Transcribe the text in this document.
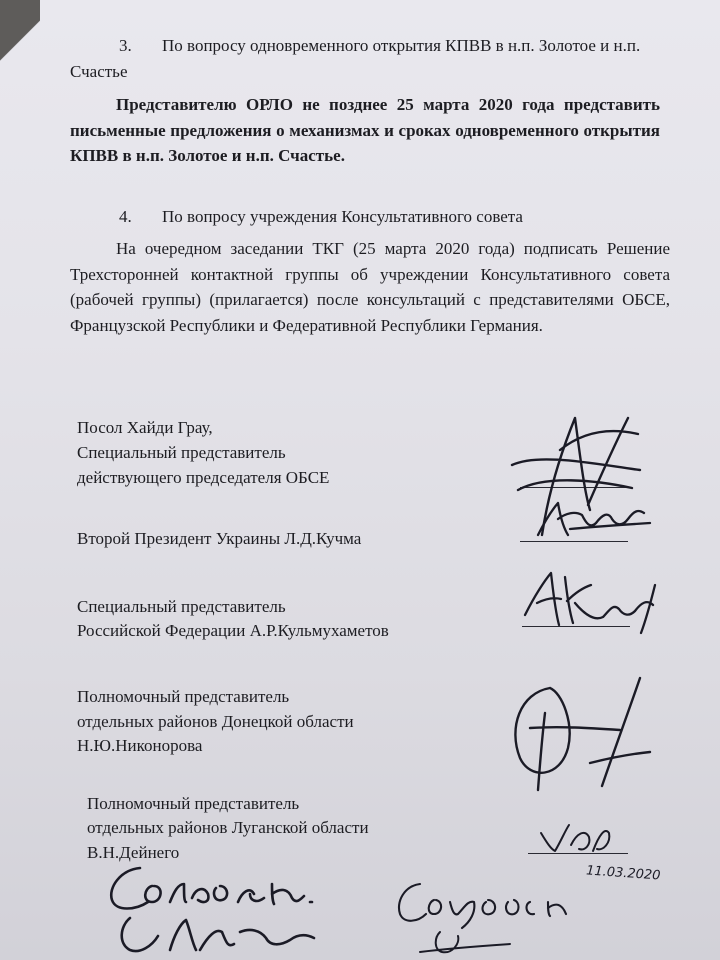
3. По вопросу одновременного открытия КПВВ в н.п. Золотое и н.п.
Счастье
Представителю ОРЛО не позднее 25 марта 2020 года представить
письменные предложения о механизмах и сроках одновременного открытия
КПВВ в н.п. Золотое и н.п. Счастье.
4. По вопросу учреждения Консультативного совета
На очередном заседании ТКГ (25 марта 2020 года) подписать Решение
Трехсторонней контактной группы об учреждении Консультативного совета
(рабочей группы) (прилагается) после консультаций с представителями ОБСЕ,
Французской Республики и Федеративной Республики Германия.
Посол Хайди Грау,
Специальный представитель
действующего председателя ОБСЕ
Второй Президент Украины Л.Д.Кучма
Специальный представитель
Российской Федерации А.Р.Кульмухаметов
Полномочный представитель
отдельных районов Донецкой области
Н.Ю.Никонорова
Полномочный представитель
отдельных районов Луганской области
В.Н.Дейнего
11.03.2020
